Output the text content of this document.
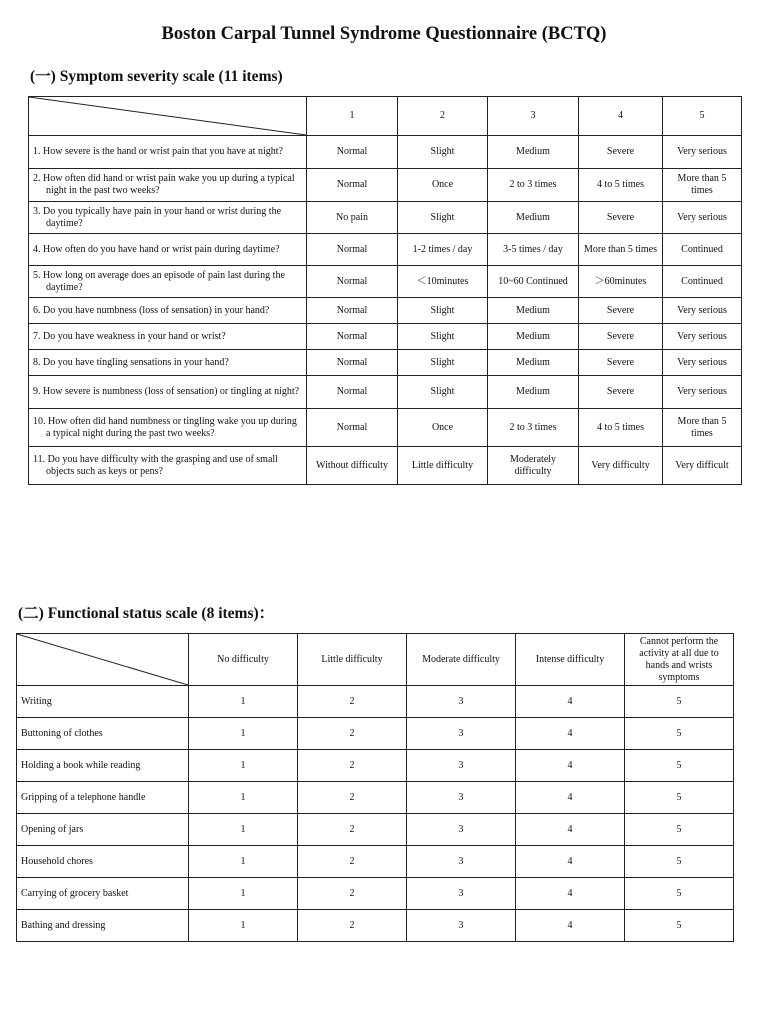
Boston Carpal Tunnel Syndrome Questionnaire (BCTQ)
(一) Symptom severity scale (11 items)
	1	2	3	4	5

1. How severe is the hand or wrist pain that you have at night?	Normal	Slight	Medium	Severe	Very serious

2. How often did hand or wrist pain wake you up during a typical night in the past two weeks?	Normal	Once	2 to 3 times	4 to 5 times	More than 5 times

3. Do you typically have pain in your hand or wrist during the daytime?	No pain	Slight	Medium	Severe	Very serious

4. How often do you have hand or wrist pain during daytime?	Normal	1-2 times / day	3-5 times / day	More than 5 times	Continued

5. How long on average does an episode of pain last during the daytime?	Normal	＜10minutes	10~60 Continued	＞60minutes	Continued

6. Do you have numbness (loss of sensation) in your hand?	Normal	Slight	Medium	Severe	Very serious

7. Do you have weakness in your hand or wrist?	Normal	Slight	Medium	Severe	Very serious

8. Do you have tingling sensations in your hand?	Normal	Slight	Medium	Severe	Very serious

9. How severe is numbness (loss of sensation) or tingling at night?	Normal	Slight	Medium	Severe	Very serious

10. How often did hand numbness or tingling wake you up during a typical night during the past two weeks?	Normal	Once	2 to 3 times	4 to 5 times	More than 5 times

11. Do you have difficulty with the grasping and use of small objects such as keys or pens?	Without difficulty	Little difficulty	Moderately difficulty	Very difficulty	Very difficult
(二) Functional status scale (8 items)：
	No difficulty	Little difficulty	Moderate difficulty	Intense difficulty	Cannot perform the activity at all due to hands and wrists symptoms
Writing	1	2	3	4	5
Buttoning of clothes	1	2	3	4	5
Holding a book while reading	1	2	3	4	5
Gripping of a telephone handle	1	2	3	4	5
Opening of jars	1	2	3	4	5
Household chores	1	2	3	4	5
Carrying of grocery basket	1	2	3	4	5
Bathing and dressing	1	2	3	4	5
